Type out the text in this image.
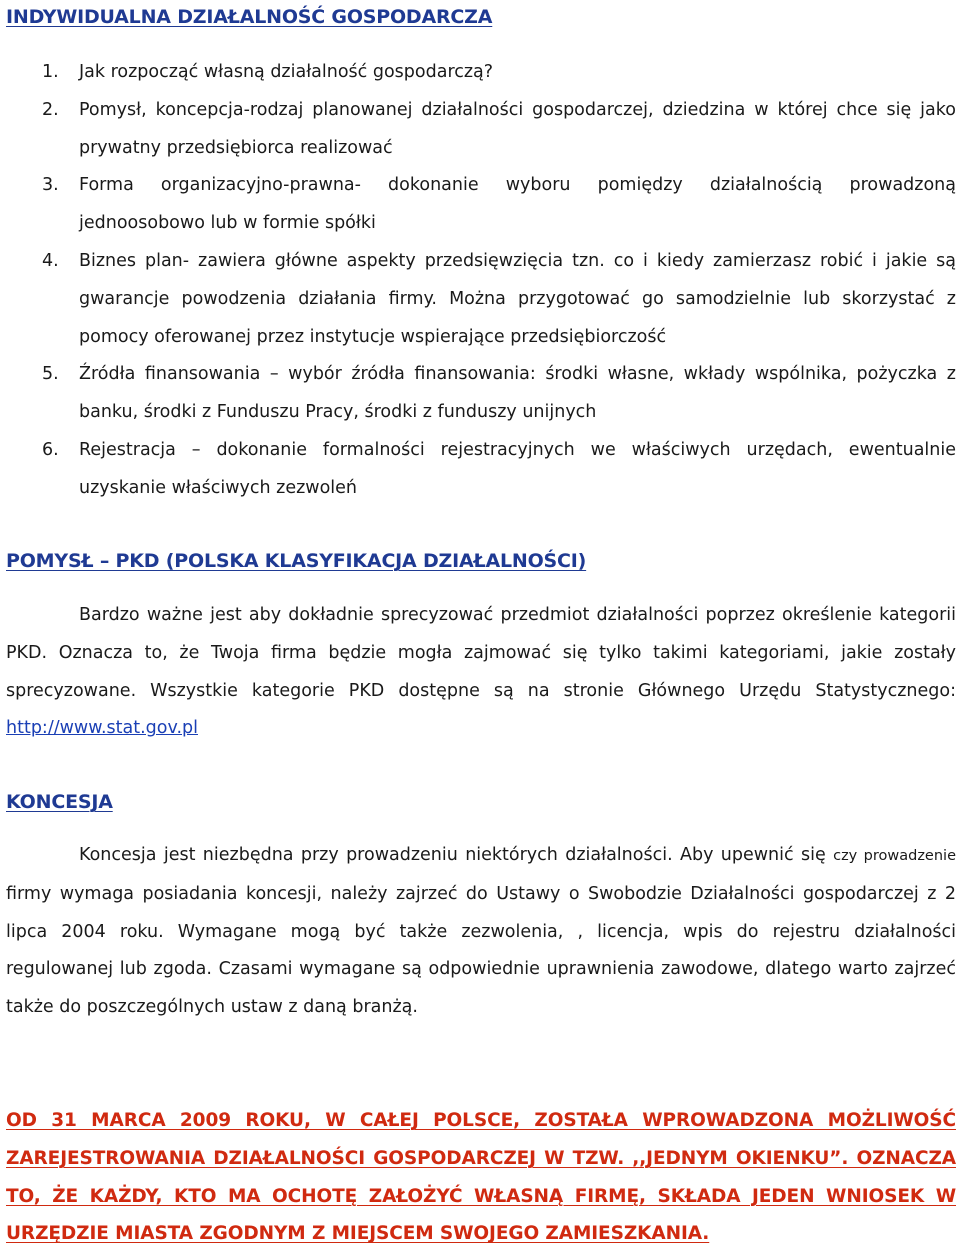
INDYWIDUALNA DZIAŁALNOŚĆ GOSPODARCZA
1. Jak rozpocząć własną działalność gospodarczą?
2. Pomysł, koncepcja-rodzaj planowanej działalności gospodarczej, dziedzina w której chce się jako prywatny przedsiębiorca realizować
3. Forma organizacyjno-prawna- dokonanie wyboru pomiędzy działalnością prowadzoną jednoosobowo lub w formie spółki
4. Biznes plan- zawiera główne aspekty przedsięwzięcia tzn. co i kiedy zamierzasz robić i jakie są gwarancje powodzenia działania firmy. Można przygotować go samodzielnie lub skorzystać z pomocy oferowanej przez instytucje wspierające przedsiębiorczość
5. Źródła finansowania – wybór źródła finansowania: środki własne, wkłady wspólnika, pożyczka z banku, środki z Funduszu Pracy, środki z funduszy unijnych
6. Rejestracja – dokonanie formalności rejestracyjnych we właściwych urzędach, ewentualnie uzyskanie właściwych zezwoleń
POMYSŁ – PKD (POLSKA KLASYFIKACJA DZIAŁALNOŚCI)

Bardzo ważne jest aby dokładnie sprecyzować przedmiot działalności poprzez określenie kategorii PKD. Oznacza to, że Twoja firma będzie mogła zajmować się tylko takimi kategoriami, jakie zostały sprecyzowane. Wszystkie kategorie PKD dostępne są na stronie Głównego Urzędu Statystycznego: http://www.stat.gov.pl

KONCESJA

Koncesja jest niezbędna przy prowadzeniu niektórych działalności. Aby upewnić się czy prowadzenie firmy wymaga posiadania koncesji, należy zajrzeć do Ustawy o Swobodzie Działalności gospodarczej z 2 lipca 2004 roku. Wymagane mogą być także zezwolenia, , licencja, wpis do rejestru działalności regulowanej lub zgoda. Czasami wymagane są odpowiednie uprawnienia zawodowe, dlatego warto zajrzeć także do poszczególnych ustaw z daną branżą.

OD 31 MARCA 2009 ROKU, W CAŁEJ POLSCE, ZOSTAŁA WPROWADZONA MOŻLIWOŚĆ ZAREJESTROWANIA DZIAŁALNOŚCI GOSPODARCZEJ W TZW. ,,JEDNYM OKIENKU”. OZNACZA TO, ŻE KAŻDY, KTO MA OCHOTĘ ZAŁOŻYĆ WŁASNĄ FIRMĘ, SKŁADA JEDEN WNIOSEK W URZĘDZIE MIASTA ZGODNYM Z MIEJSCEM SWOJEGO ZAMIESZKANIA.
